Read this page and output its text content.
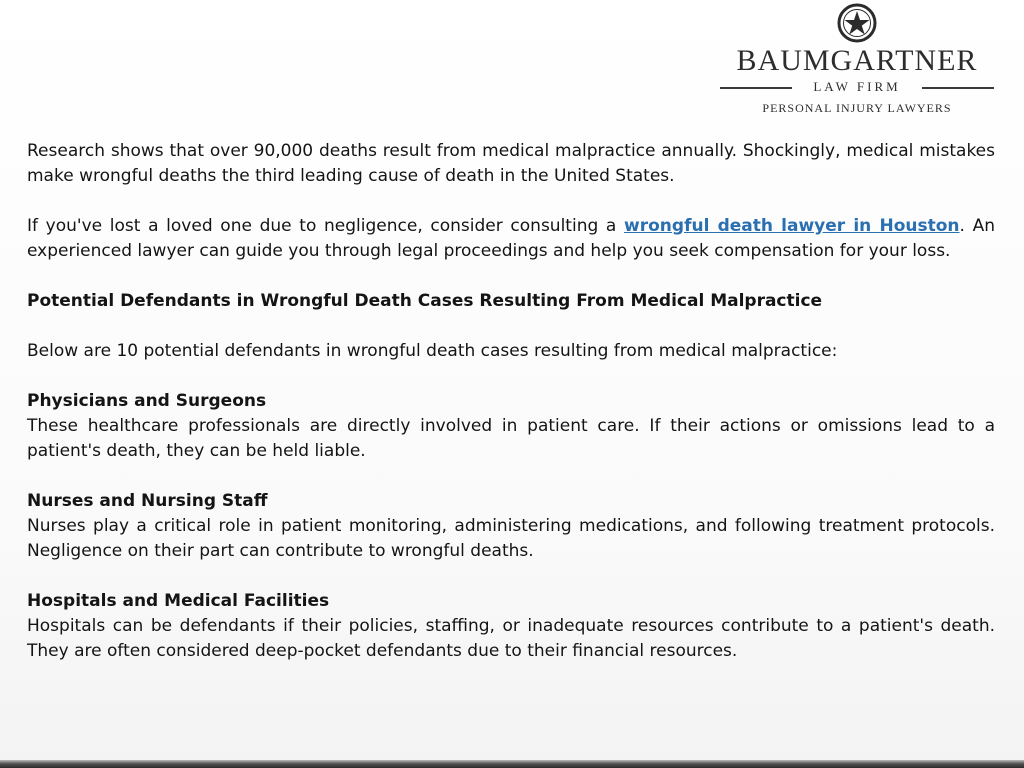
BAUMGARTNER
LAW FIRM
PERSONAL INJURY LAWYERS

Research shows that over 90,000 deaths result from medical malpractice annually. Shockingly, medical mistakes make wrongful deaths the third leading cause of death in the United States.

If you've lost a loved one due to negligence, consider consulting a wrongful death lawyer in Houston. An experienced lawyer can guide you through legal proceedings and help you seek compensation for your loss.

Potential Defendants in Wrongful Death Cases Resulting From Medical Malpractice

Below are 10 potential defendants in wrongful death cases resulting from medical malpractice:

Physicians and Surgeons

These healthcare professionals are directly involved in patient care. If their actions or omissions lead to a patient's death, they can be held liable.

Nurses and Nursing Staff

Nurses play a critical role in patient monitoring, administering medications, and following treatment protocols. Negligence on their part can contribute to wrongful deaths.

Hospitals and Medical Facilities

Hospitals can be defendants if their policies, staffing, or inadequate resources contribute to a patient's death. They are often considered deep-pocket defendants due to their financial resources.
